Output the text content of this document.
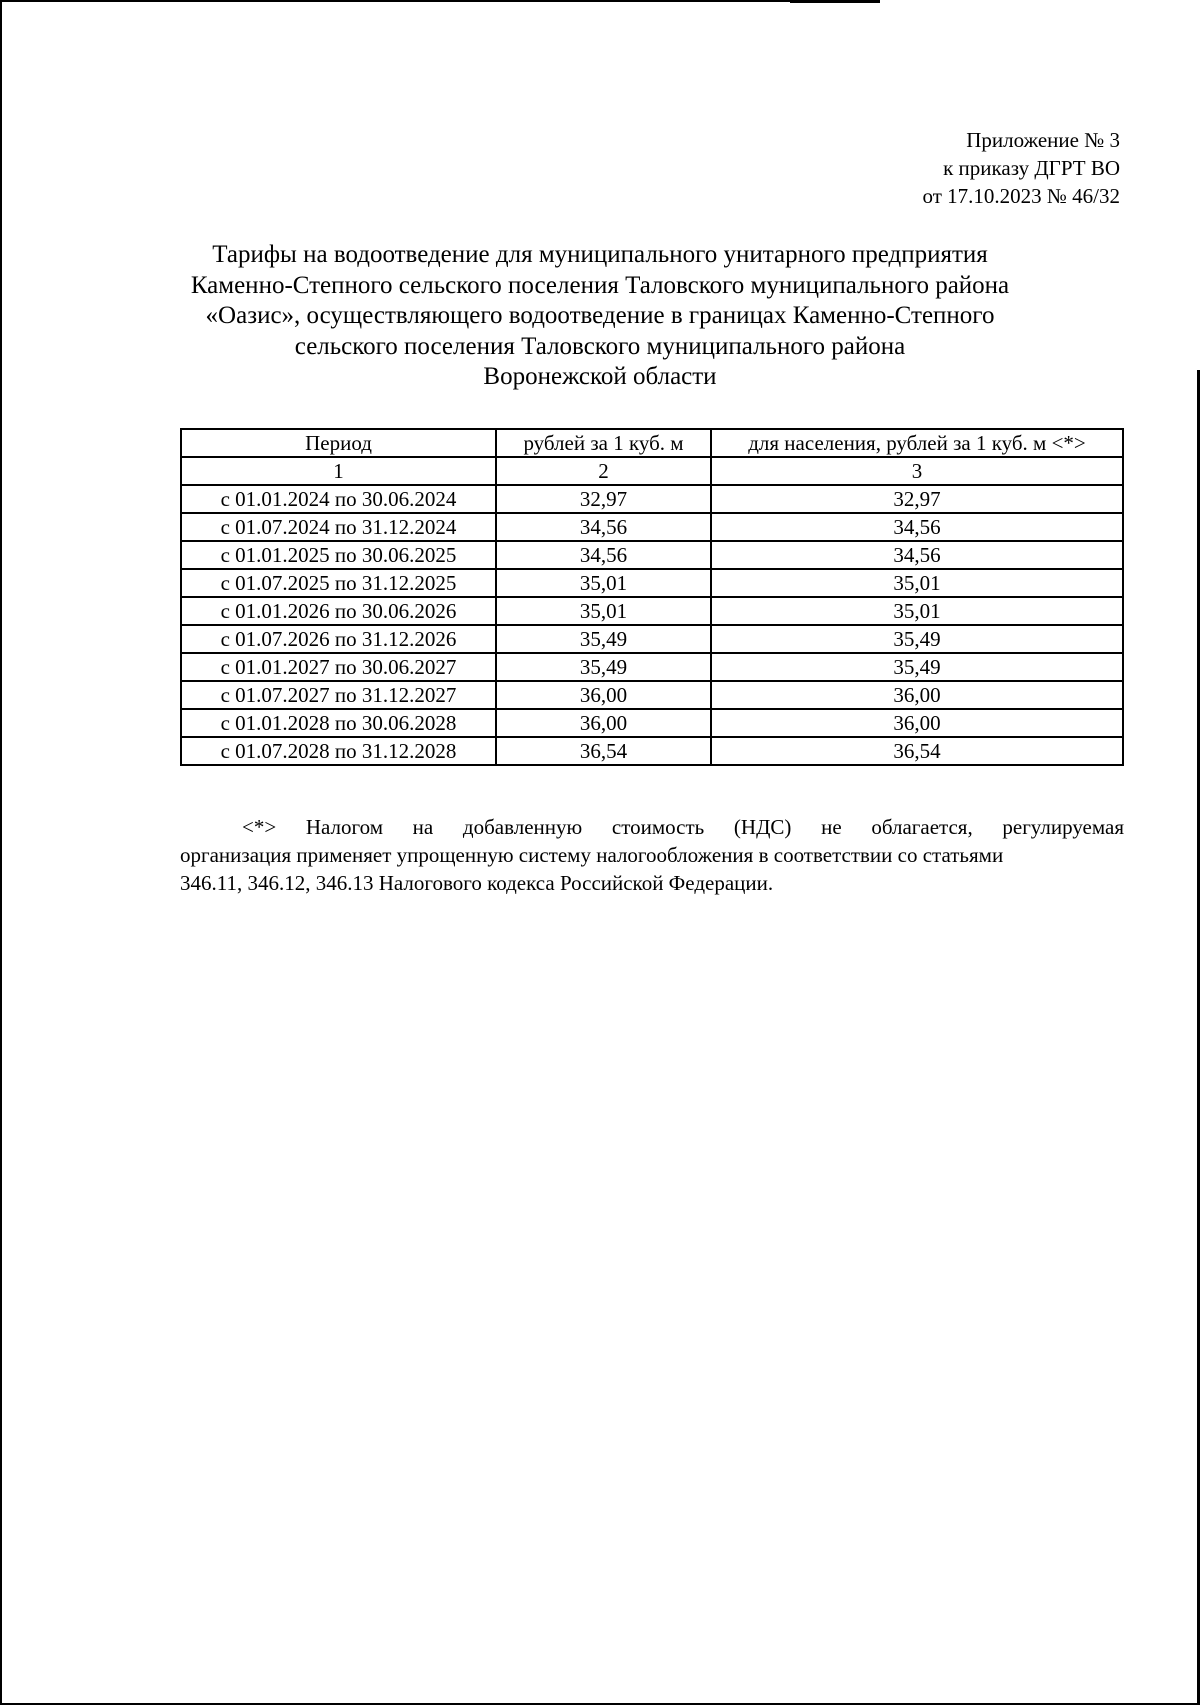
Приложение № 3
к приказу ДГРТ ВО
от 17.10.2023 № 46/32
Тарифы на водоотведение для муниципального унитарного предприятия
Каменно-Степного сельского поселения Таловского муниципального района
«Оазис», осуществляющего водоотведение в границах Каменно-Степного
сельского поселения Таловского муниципального района
Воронежской области
Период	рублей за 1 куб. м	для населения, рублей за 1 куб. м <*>
1	2	3
с 01.01.2024 по 30.06.2024	32,97	32,97
с 01.07.2024 по 31.12.2024	34,56	34,56
с 01.01.2025 по 30.06.2025	34,56	34,56
с 01.07.2025 по 31.12.2025	35,01	35,01
с 01.01.2026 по 30.06.2026	35,01	35,01
с 01.07.2026 по 31.12.2026	35,49	35,49
с 01.01.2027 по 30.06.2027	35,49	35,49
с 01.07.2027 по 31.12.2027	36,00	36,00
с 01.01.2028 по 30.06.2028	36,00	36,00
с 01.07.2028 по 31.12.2028	36,54	36,54
<*> Налогом на добавленную стоимость (НДС) не облагается, регулируемая
организация применяет упрощенную систему налогообложения в соответствии со статьями
346.11, 346.12, 346.13 Налогового кодекса Российской Федерации.
